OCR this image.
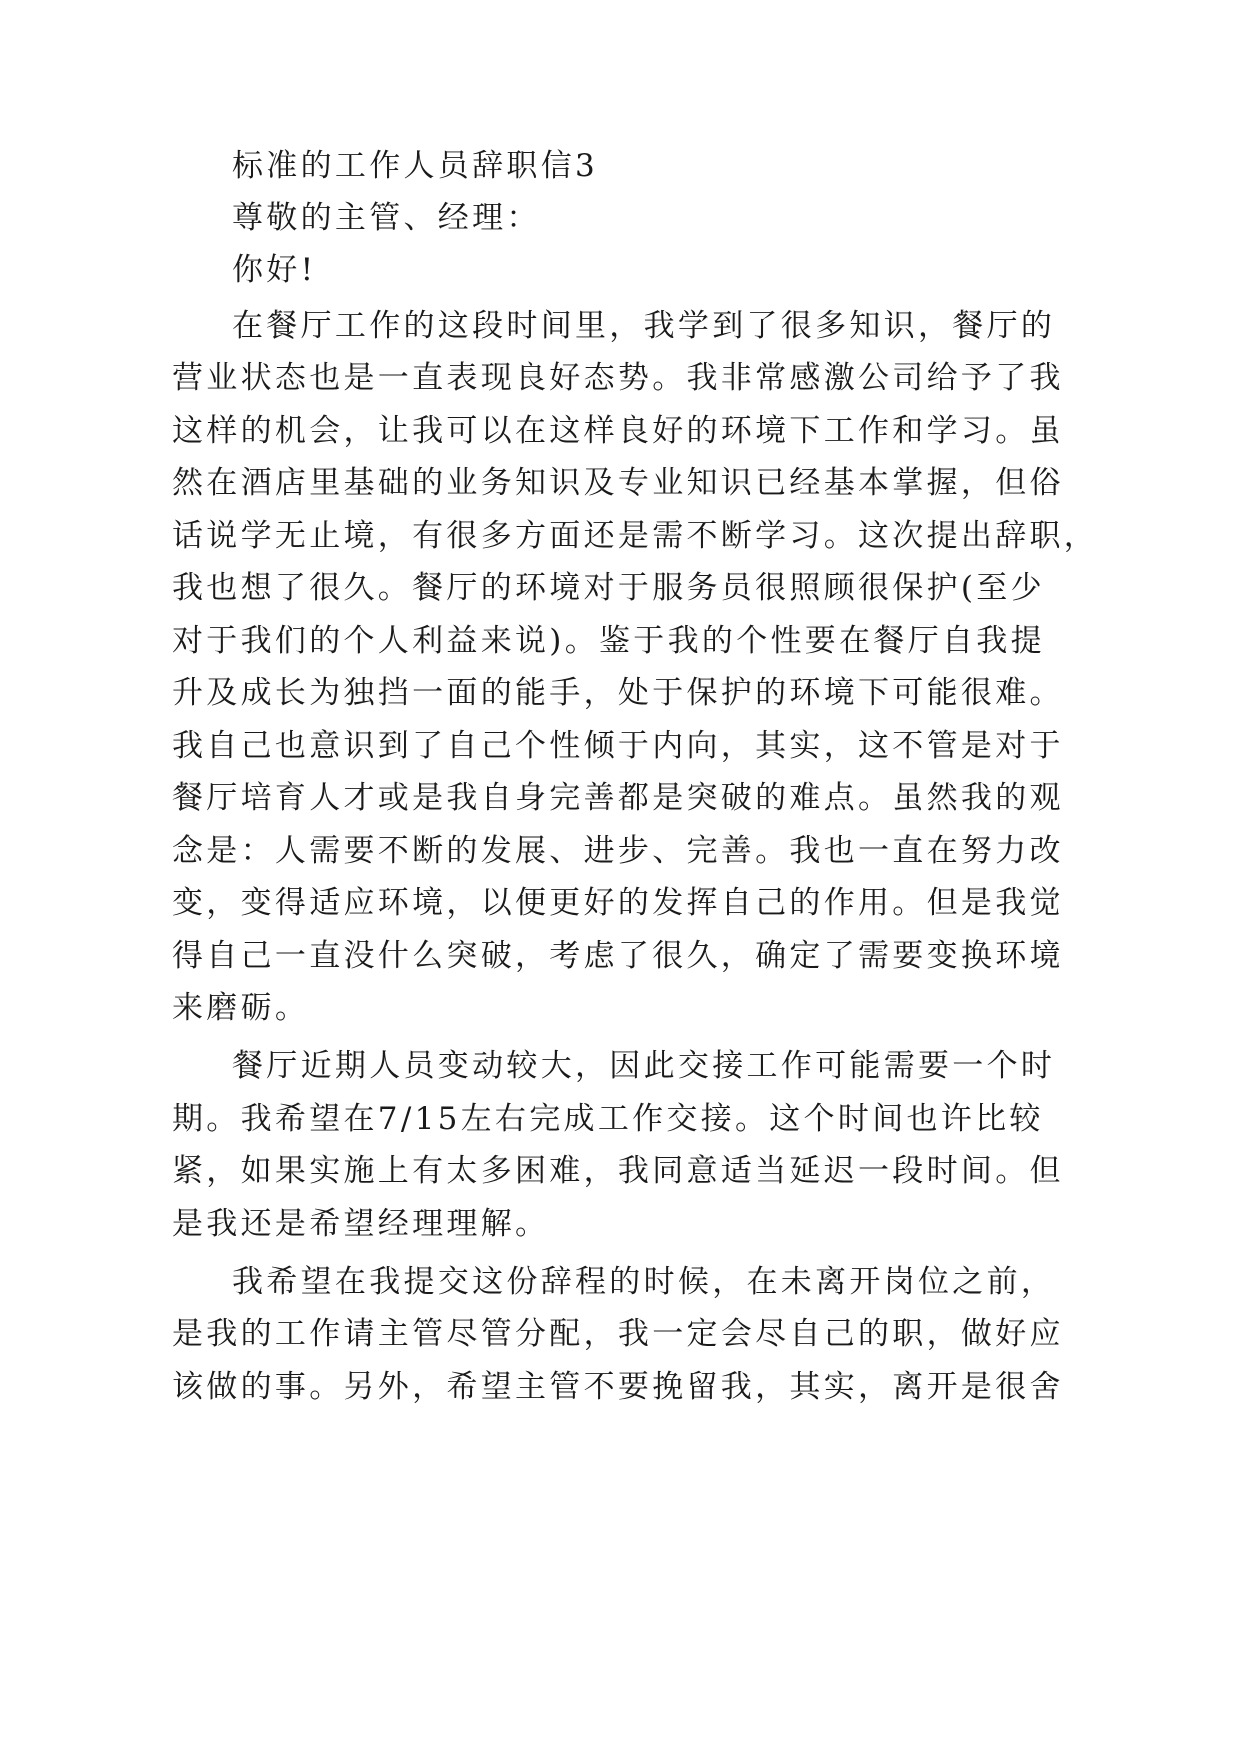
标准的工作人员辞职信3
尊敬的主管、经理：
你好!
在餐厅工作的这段时间里，我学到了很多知识，餐厅的
营业状态也是一直表现良好态势。我非常感激公司给予了我
这样的机会，让我可以在这样良好的环境下工作和学习。虽
然在酒店里基础的业务知识及专业知识已经基本掌握，但俗
话说学无止境，有很多方面还是需不断学习。这次提出辞职，
我也想了很久。餐厅的环境对于服务员很照顾很保护(至少
对于我们的个人利益来说)。鉴于我的个性要在餐厅自我提
升及成长为独挡一面的能手，处于保护的环境下可能很难。
我自己也意识到了自己个性倾于内向，其实，这不管是对于
餐厅培育人才或是我自身完善都是突破的难点。虽然我的观
念是：人需要不断的发展、进步、完善。我也一直在努力改
变，变得适应环境，以便更好的发挥自己的作用。但是我觉
得自己一直没什么突破，考虑了很久，确定了需要变换环境
来磨砺。
餐厅近期人员变动较大，因此交接工作可能需要一个时
期。我希望在7/15左右完成工作交接。这个时间也许比较
紧，如果实施上有太多困难，我同意适当延迟一段时间。但
是我还是希望经理理解。
我希望在我提交这份辞程的时候，在未离开岗位之前，
是我的工作请主管尽管分配，我一定会尽自己的职，做好应
该做的事。另外，希望主管不要挽留我，其实，离开是很舍
